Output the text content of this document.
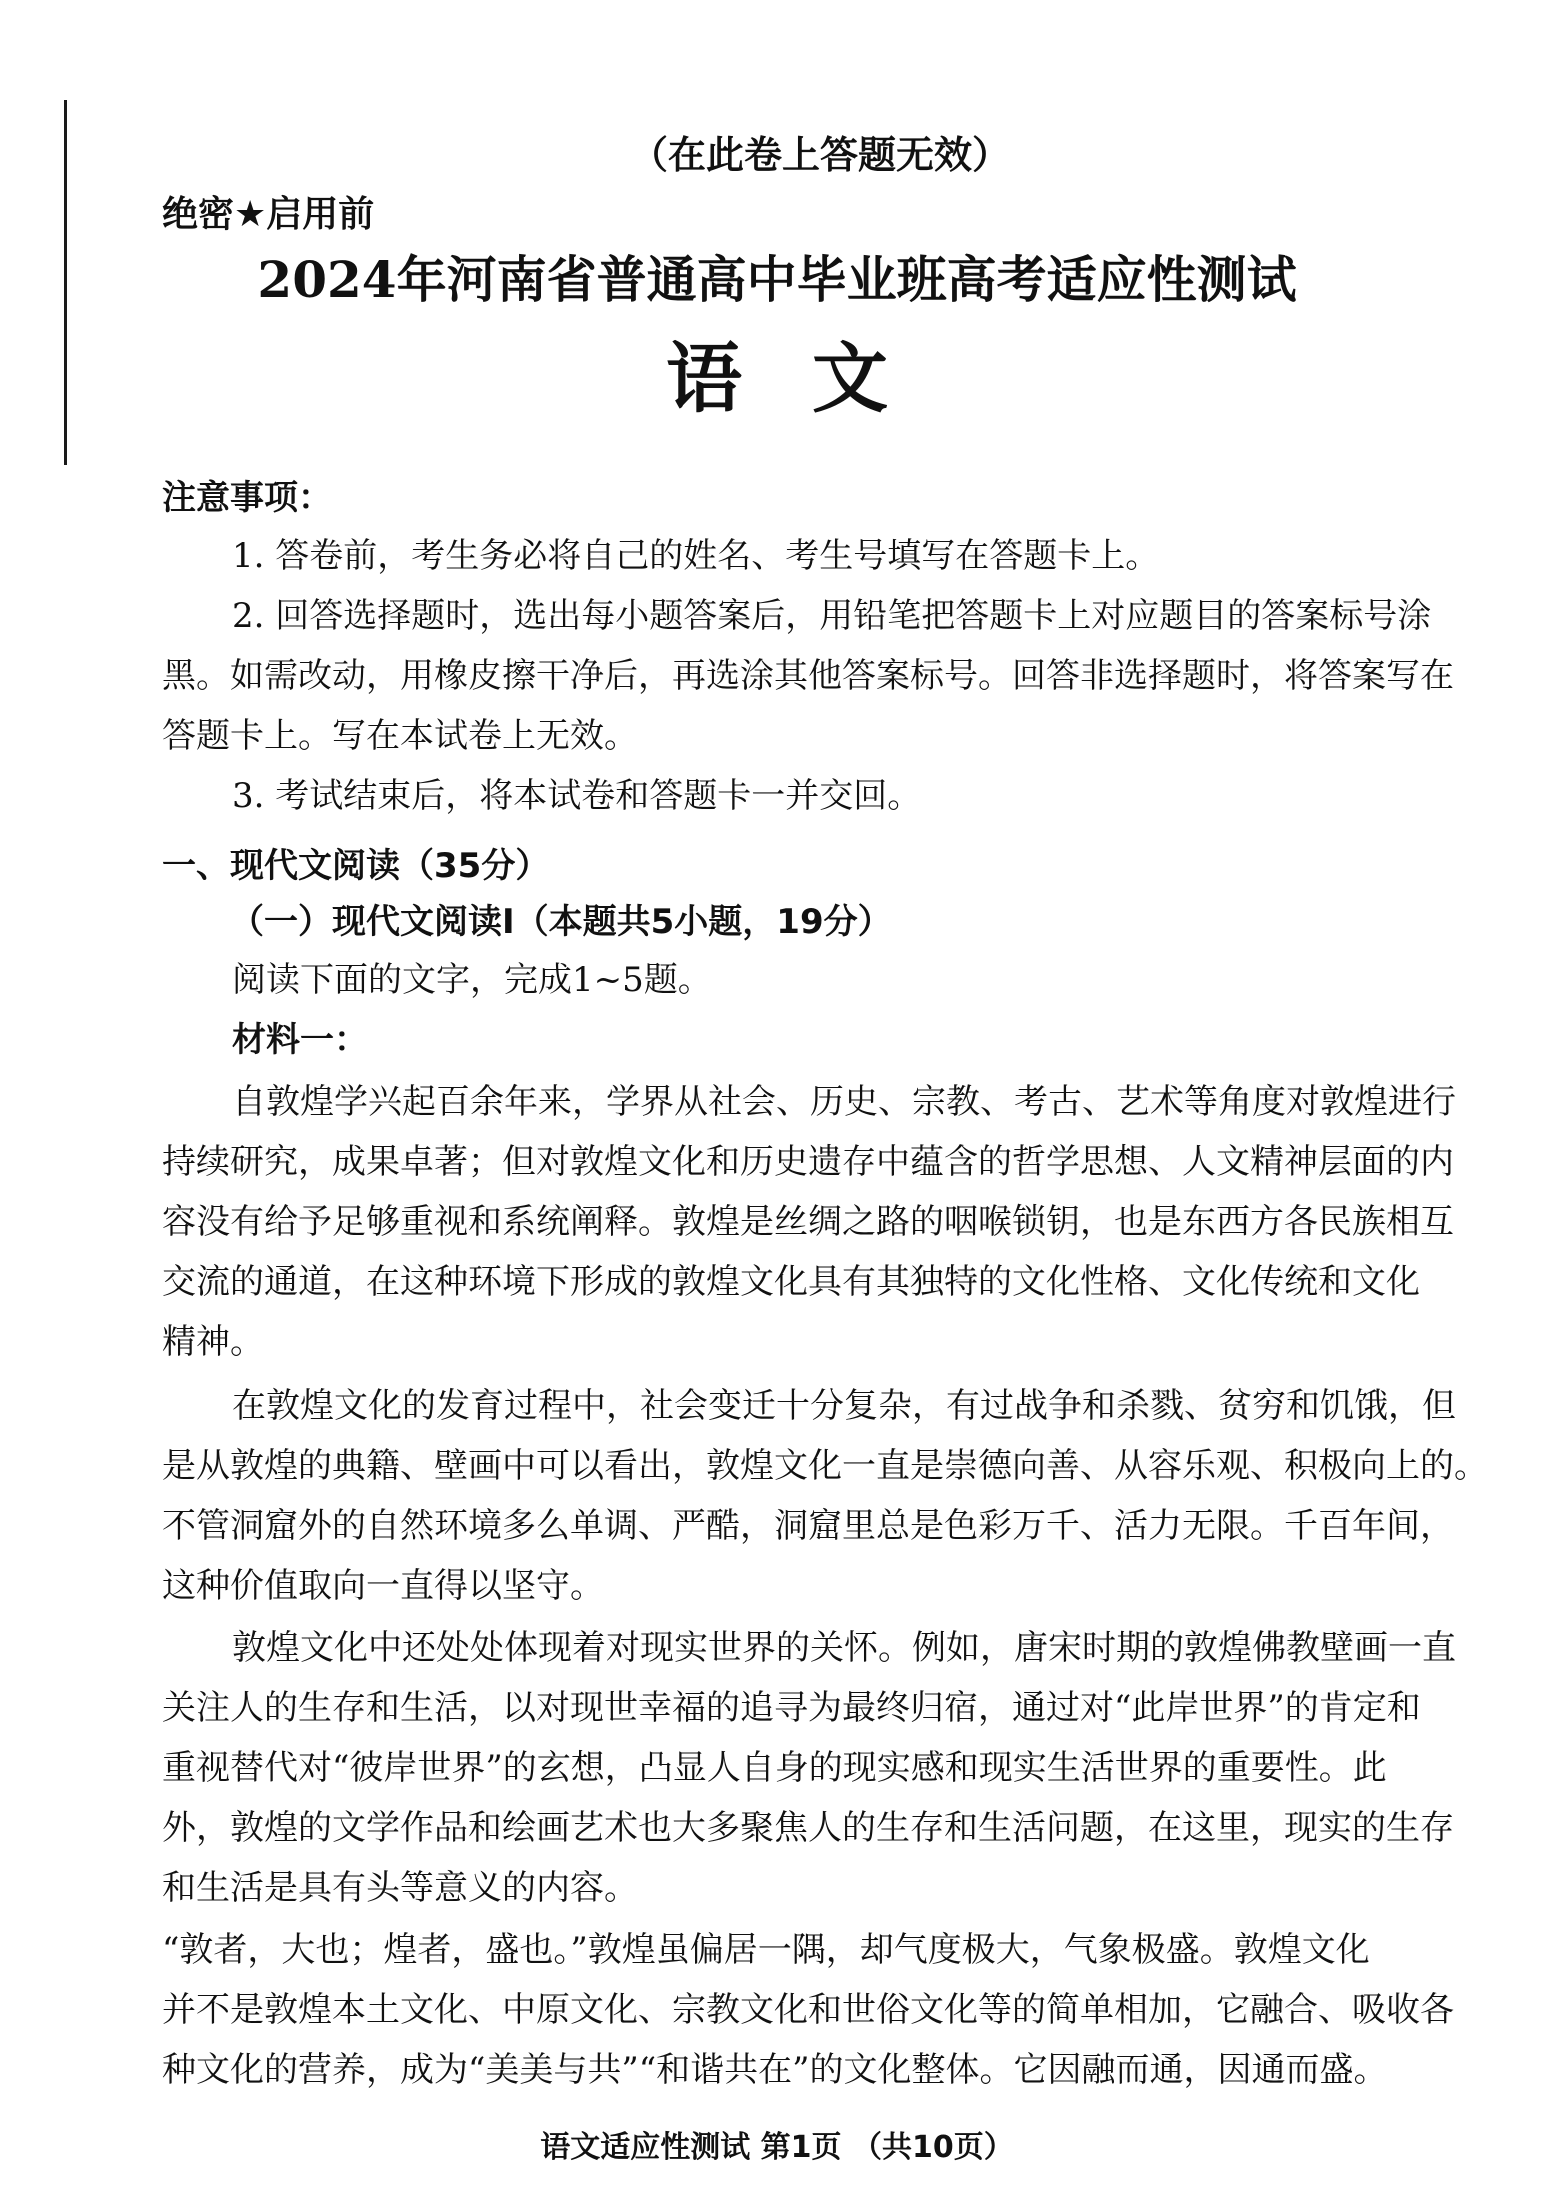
（在此卷上答题无效）
绝密★启用前
2024年河南省普通高中毕业班高考适应性测试
语文
注意事项：
1. 答卷前，考生务必将自己的姓名、考生号填写在答题卡上。
2. 回答选择题时，选出每小题答案后，用铅笔把答题卡上对应题目的答案标号涂
黑。如需改动，用橡皮擦干净后，再选涂其他答案标号。回答非选择题时，将答案写在
答题卡上。写在本试卷上无效。
3. 考试结束后，将本试卷和答题卡一并交回。
一、现代文阅读（35分）
（一）现代文阅读Ⅰ（本题共5小题，19分）
阅读下面的文字，完成1~5题。
材料一：
自敦煌学兴起百余年来，学界从社会、历史、宗教、考古、艺术等角度对敦煌进行
持续研究，成果卓著；但对敦煌文化和历史遗存中蕴含的哲学思想、人文精神层面的内
容没有给予足够重视和系统阐释。敦煌是丝绸之路的咽喉锁钥，也是东西方各民族相互
交流的通道，在这种环境下形成的敦煌文化具有其独特的文化性格、文化传统和文化
精神。
在敦煌文化的发育过程中，社会变迁十分复杂，有过战争和杀戮、贫穷和饥饿，但
是从敦煌的典籍、壁画中可以看出，敦煌文化一直是崇德向善、从容乐观、积极向上的。
不管洞窟外的自然环境多么单调、严酷，洞窟里总是色彩万千、活力无限。千百年间，
这种价值取向一直得以坚守。
敦煌文化中还处处体现着对现实世界的关怀。例如，唐宋时期的敦煌佛教壁画一直
关注人的生存和生活，以对现世幸福的追寻为最终归宿，通过对“此岸世界”的肯定和
重视替代对“彼岸世界”的玄想，凸显人自身的现实感和现实生活世界的重要性。此
外，敦煌的文学作品和绘画艺术也大多聚焦人的生存和生活问题，在这里，现实的生存
和生活是具有头等意义的内容。
“敦者，大也；煌者，盛也。”敦煌虽偏居一隅，却气度极大，气象极盛。敦煌文化
并不是敦煌本土文化、中原文化、宗教文化和世俗文化等的简单相加，它融合、吸收各
种文化的营养，成为“美美与共”“和谐共在”的文化整体。它因融而通，因通而盛。
语文适应性测试 第1页 （共10页）
